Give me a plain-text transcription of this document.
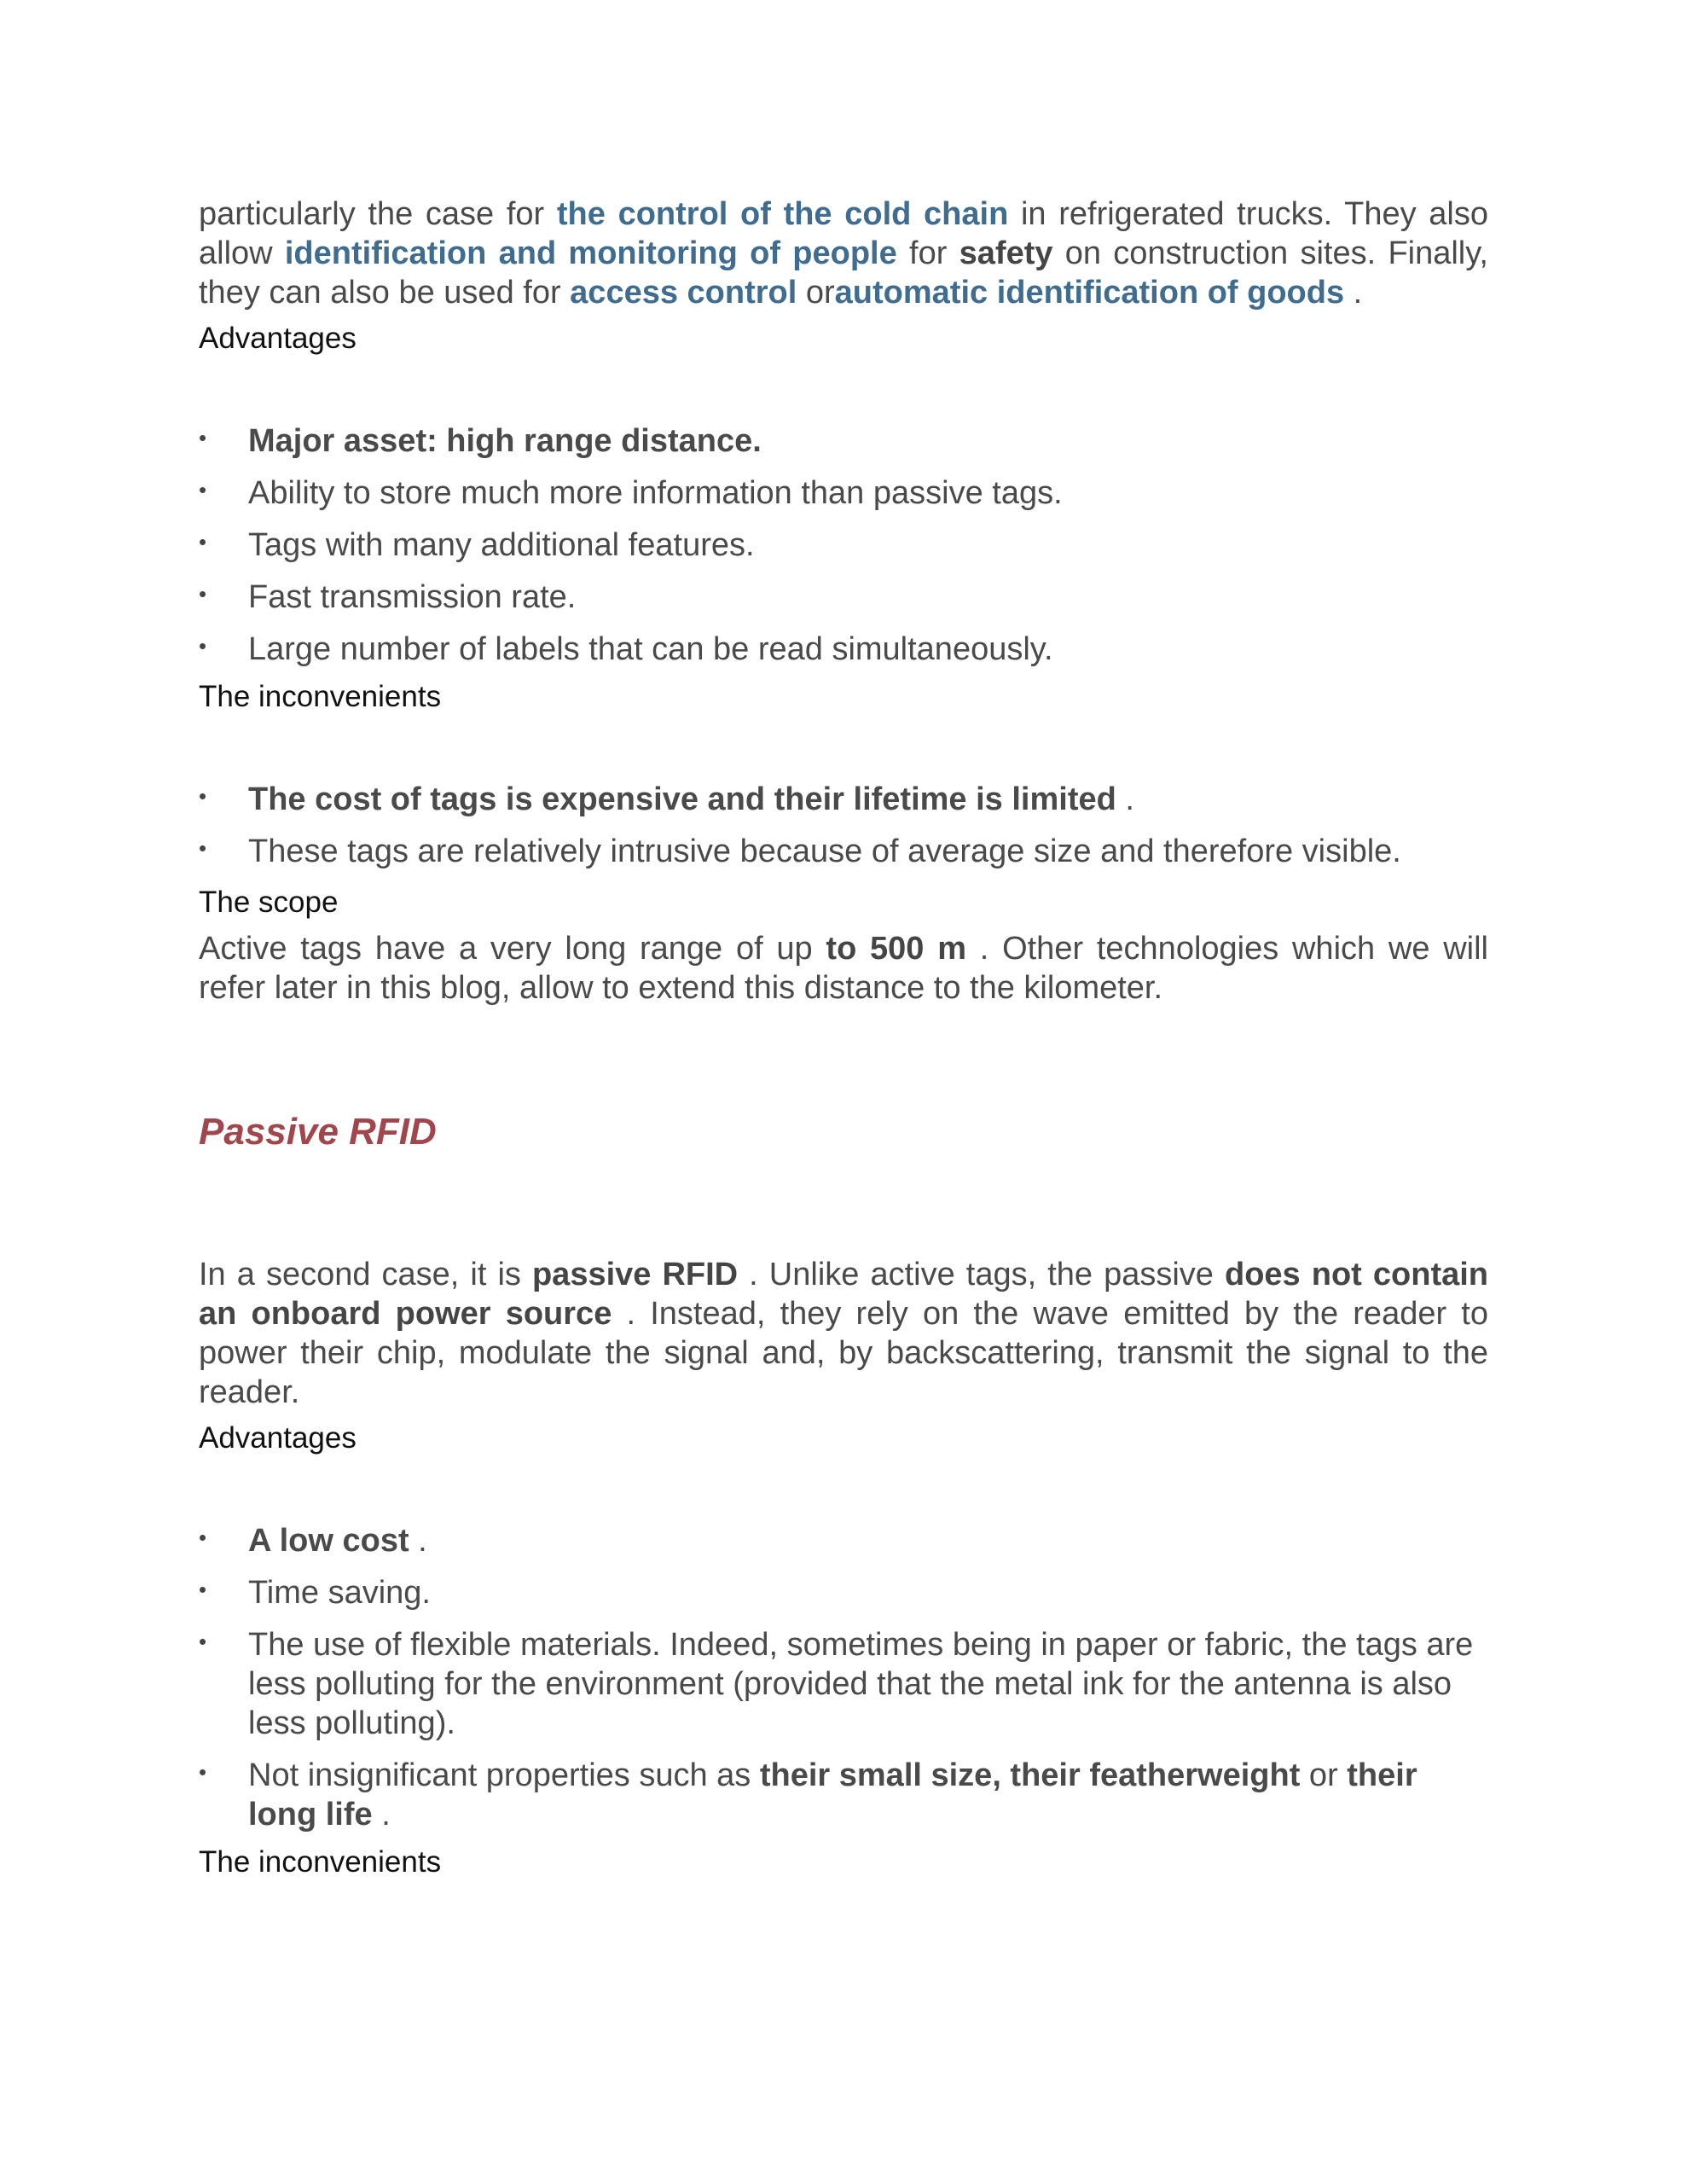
particularly the case for the control of the cold chain in refrigerated trucks. They also allow identification and monitoring of people for safety on construction sites. Finally, they can also be used for access control orautomatic identification of goods .

Advantages

• Major asset: high range distance.
• Ability to store much more information than passive tags.
• Tags with many additional features.
• Fast transmission rate.
• Large number of labels that can be read simultaneously.

The inconvenients

• The cost of tags is expensive and their lifetime is limited .
• These tags are relatively intrusive because of average size and therefore visible.

The scope

Active tags have a very long range of up to 500 m . Other technologies which we will refer later in this blog, allow to extend this distance to the kilometer.

Passive RFID

In a second case, it is passive RFID . Unlike active tags, the passive does not contain an onboard power source . Instead, they rely on the wave emitted by the reader to power their chip, modulate the signal and, by backscattering, transmit the signal to the reader.

Advantages

• A low cost .
• Time saving.
• The use of flexible materials. Indeed, sometimes being in paper or fabric, the tags are less polluting for the environment (provided that the metal ink for the antenna is also less polluting).
• Not insignificant properties such as their small size, their featherweight or their long life .

The inconvenients
